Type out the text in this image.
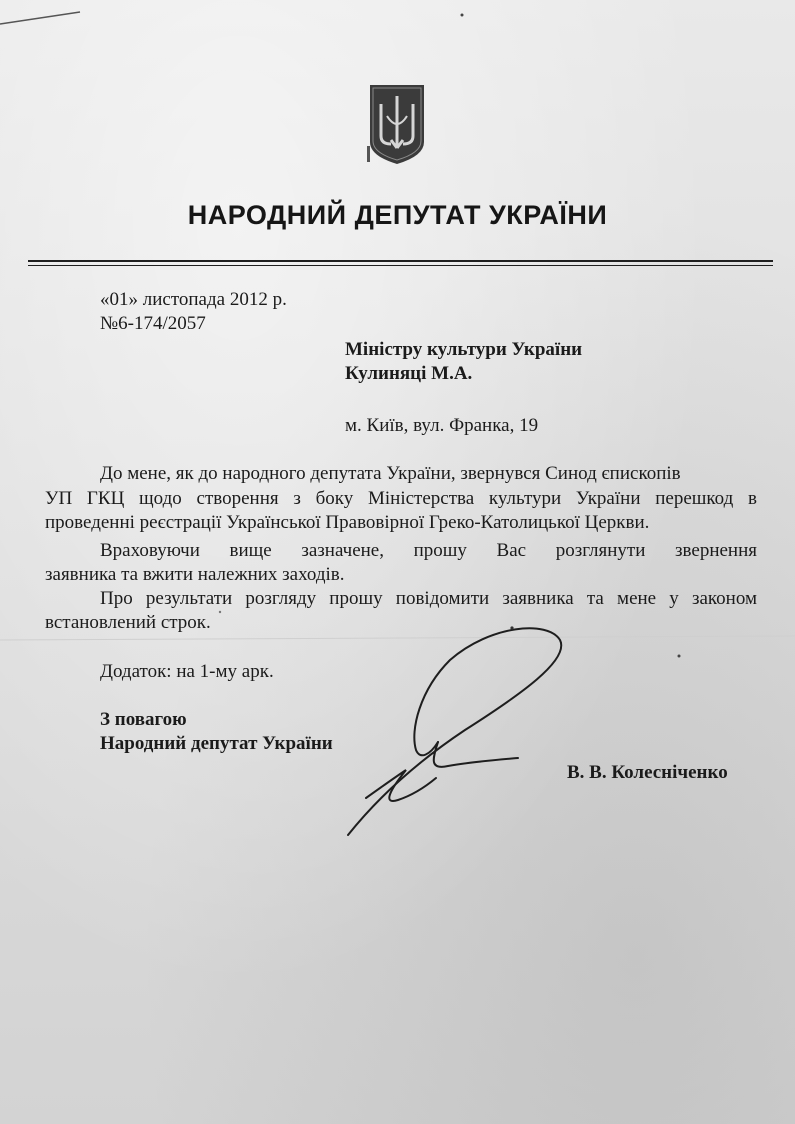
НАРОДНИЙ ДЕПУТАТ УКРАЇНИ

«01» листопада 2012 р.

№6-174/2057

Міністру культури України

Кулиняці М.А.

м. Київ, вул. Франка, 19

До мене, як до народного депутата України, звернувся Синод єпископів

УП ГКЦ щодо створення з боку Міністерства культури України перешкод в

проведенні реєстрації Української Правовірної Греко-Католицької Церкви.

Враховуючи вище зазначене, прошу Вас розглянути звернення

заявника та вжити належних заходів.

Про результати розгляду прошу повідомити заявника та мене у законом

встановлений строк.

Додаток: на 1-му арк.

З повагою

Народний депутат України

В. В. Колесніченко
